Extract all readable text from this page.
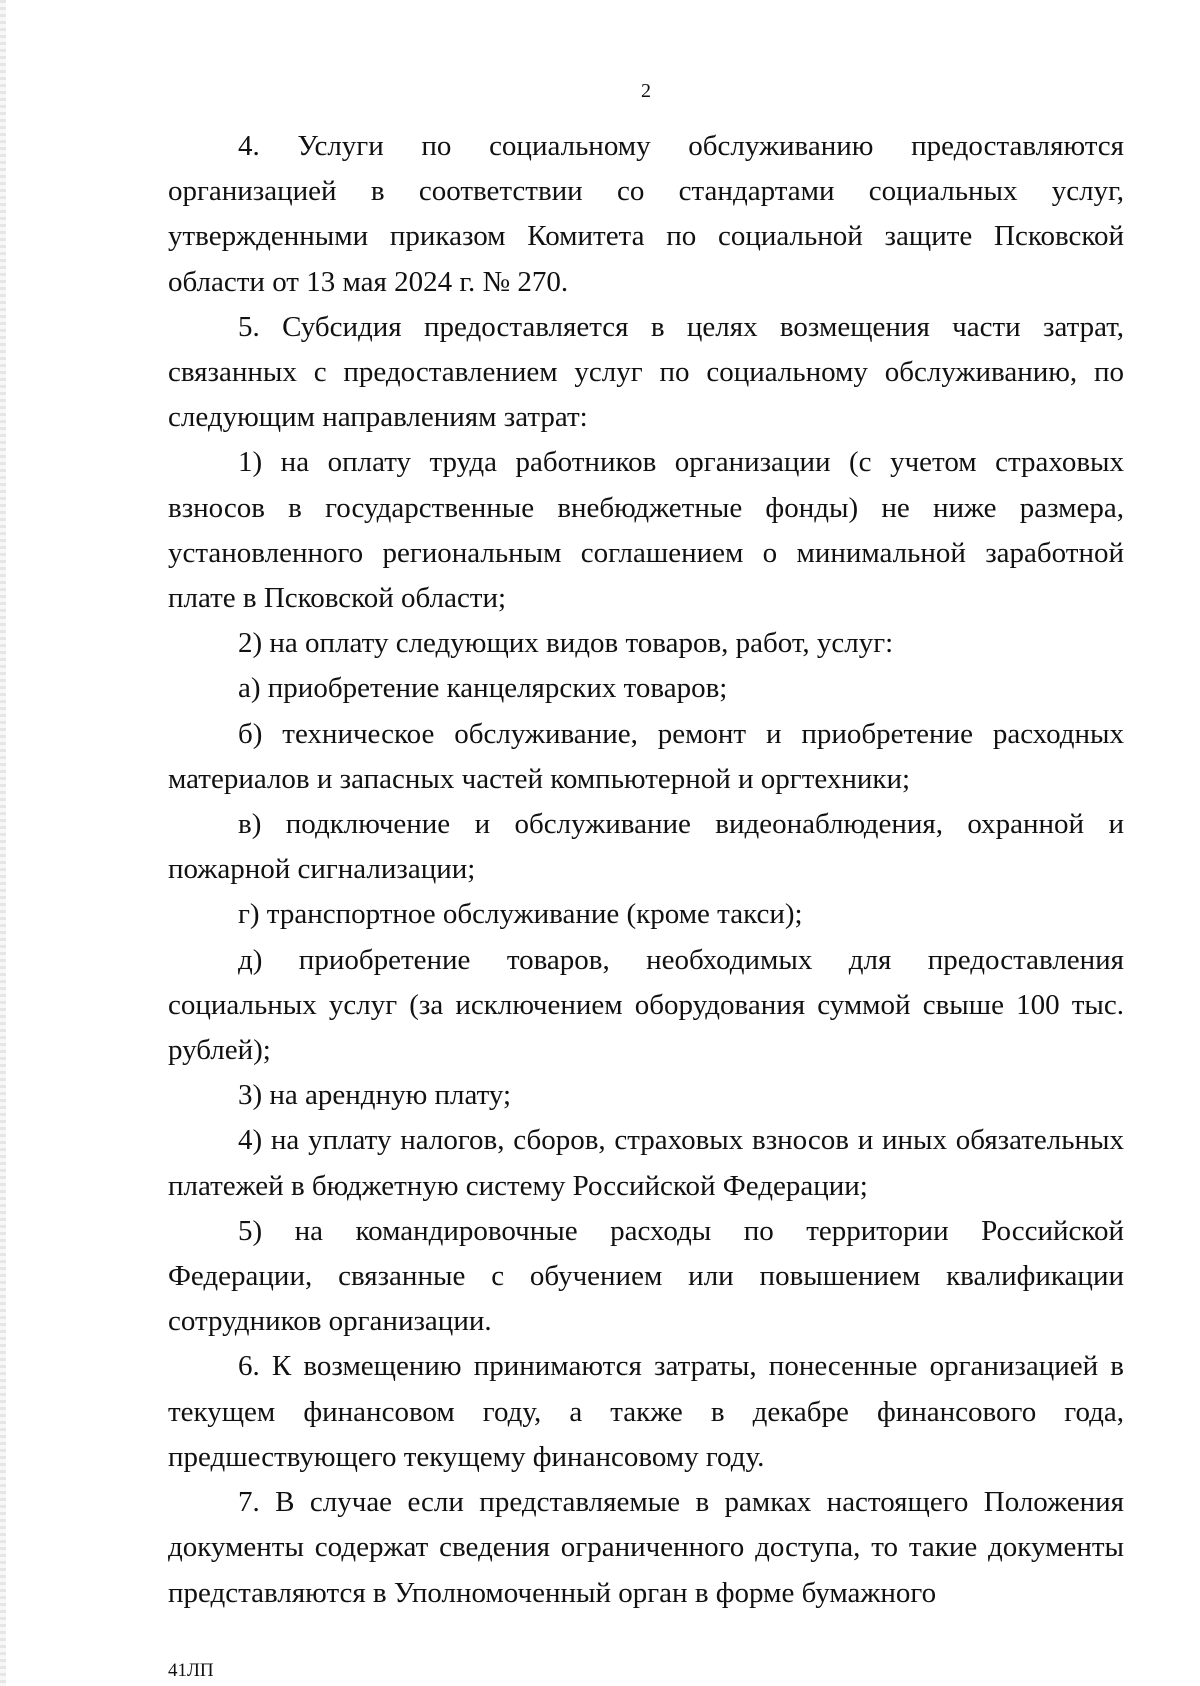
2

4. Услуги по социальному обслуживанию предоставляются организацией в соответствии со стандартами социальных услуг, утвержденными приказом Комитета по социальной защите Псковской области от 13 мая 2024 г. № 270.

5. Субсидия предоставляется в целях возмещения части затрат, связанных с предоставлением услуг по социальному обслуживанию, по следующим направлениям затрат:

1) на оплату труда работников организации (с учетом страховых взносов в государственные внебюджетные фонды) не ниже размера, установленного региональным соглашением о минимальной заработной плате в Псковской области;

2) на оплату следующих видов товаров, работ, услуг:

а) приобретение канцелярских товаров;

б) техническое обслуживание, ремонт и приобретение расходных материалов и запасных частей компьютерной и оргтехники;

в) подключение и обслуживание видеонаблюдения, охранной и пожарной сигнализации;

г) транспортное обслуживание (кроме такси);

д) приобретение товаров, необходимых для предоставления социальных услуг (за исключением оборудования суммой свыше 100 тыс. рублей);

3) на арендную плату;

4) на уплату налогов, сборов, страховых взносов и иных обязательных платежей в бюджетную систему Российской Федерации;

5) на командировочные расходы по территории Российской Федерации, связанные с обучением или повышением квалификации сотрудников организации.

6. К возмещению принимаются затраты, понесенные организацией в текущем финансовом году, а также в декабре финансового года, предшествующего текущему финансовому году.

7. В случае если представляемые в рамках настоящего Положения документы содержат сведения ограниченного доступа, то такие документы представляются в Уполномоченный орган в форме бумажного

41ЛП
